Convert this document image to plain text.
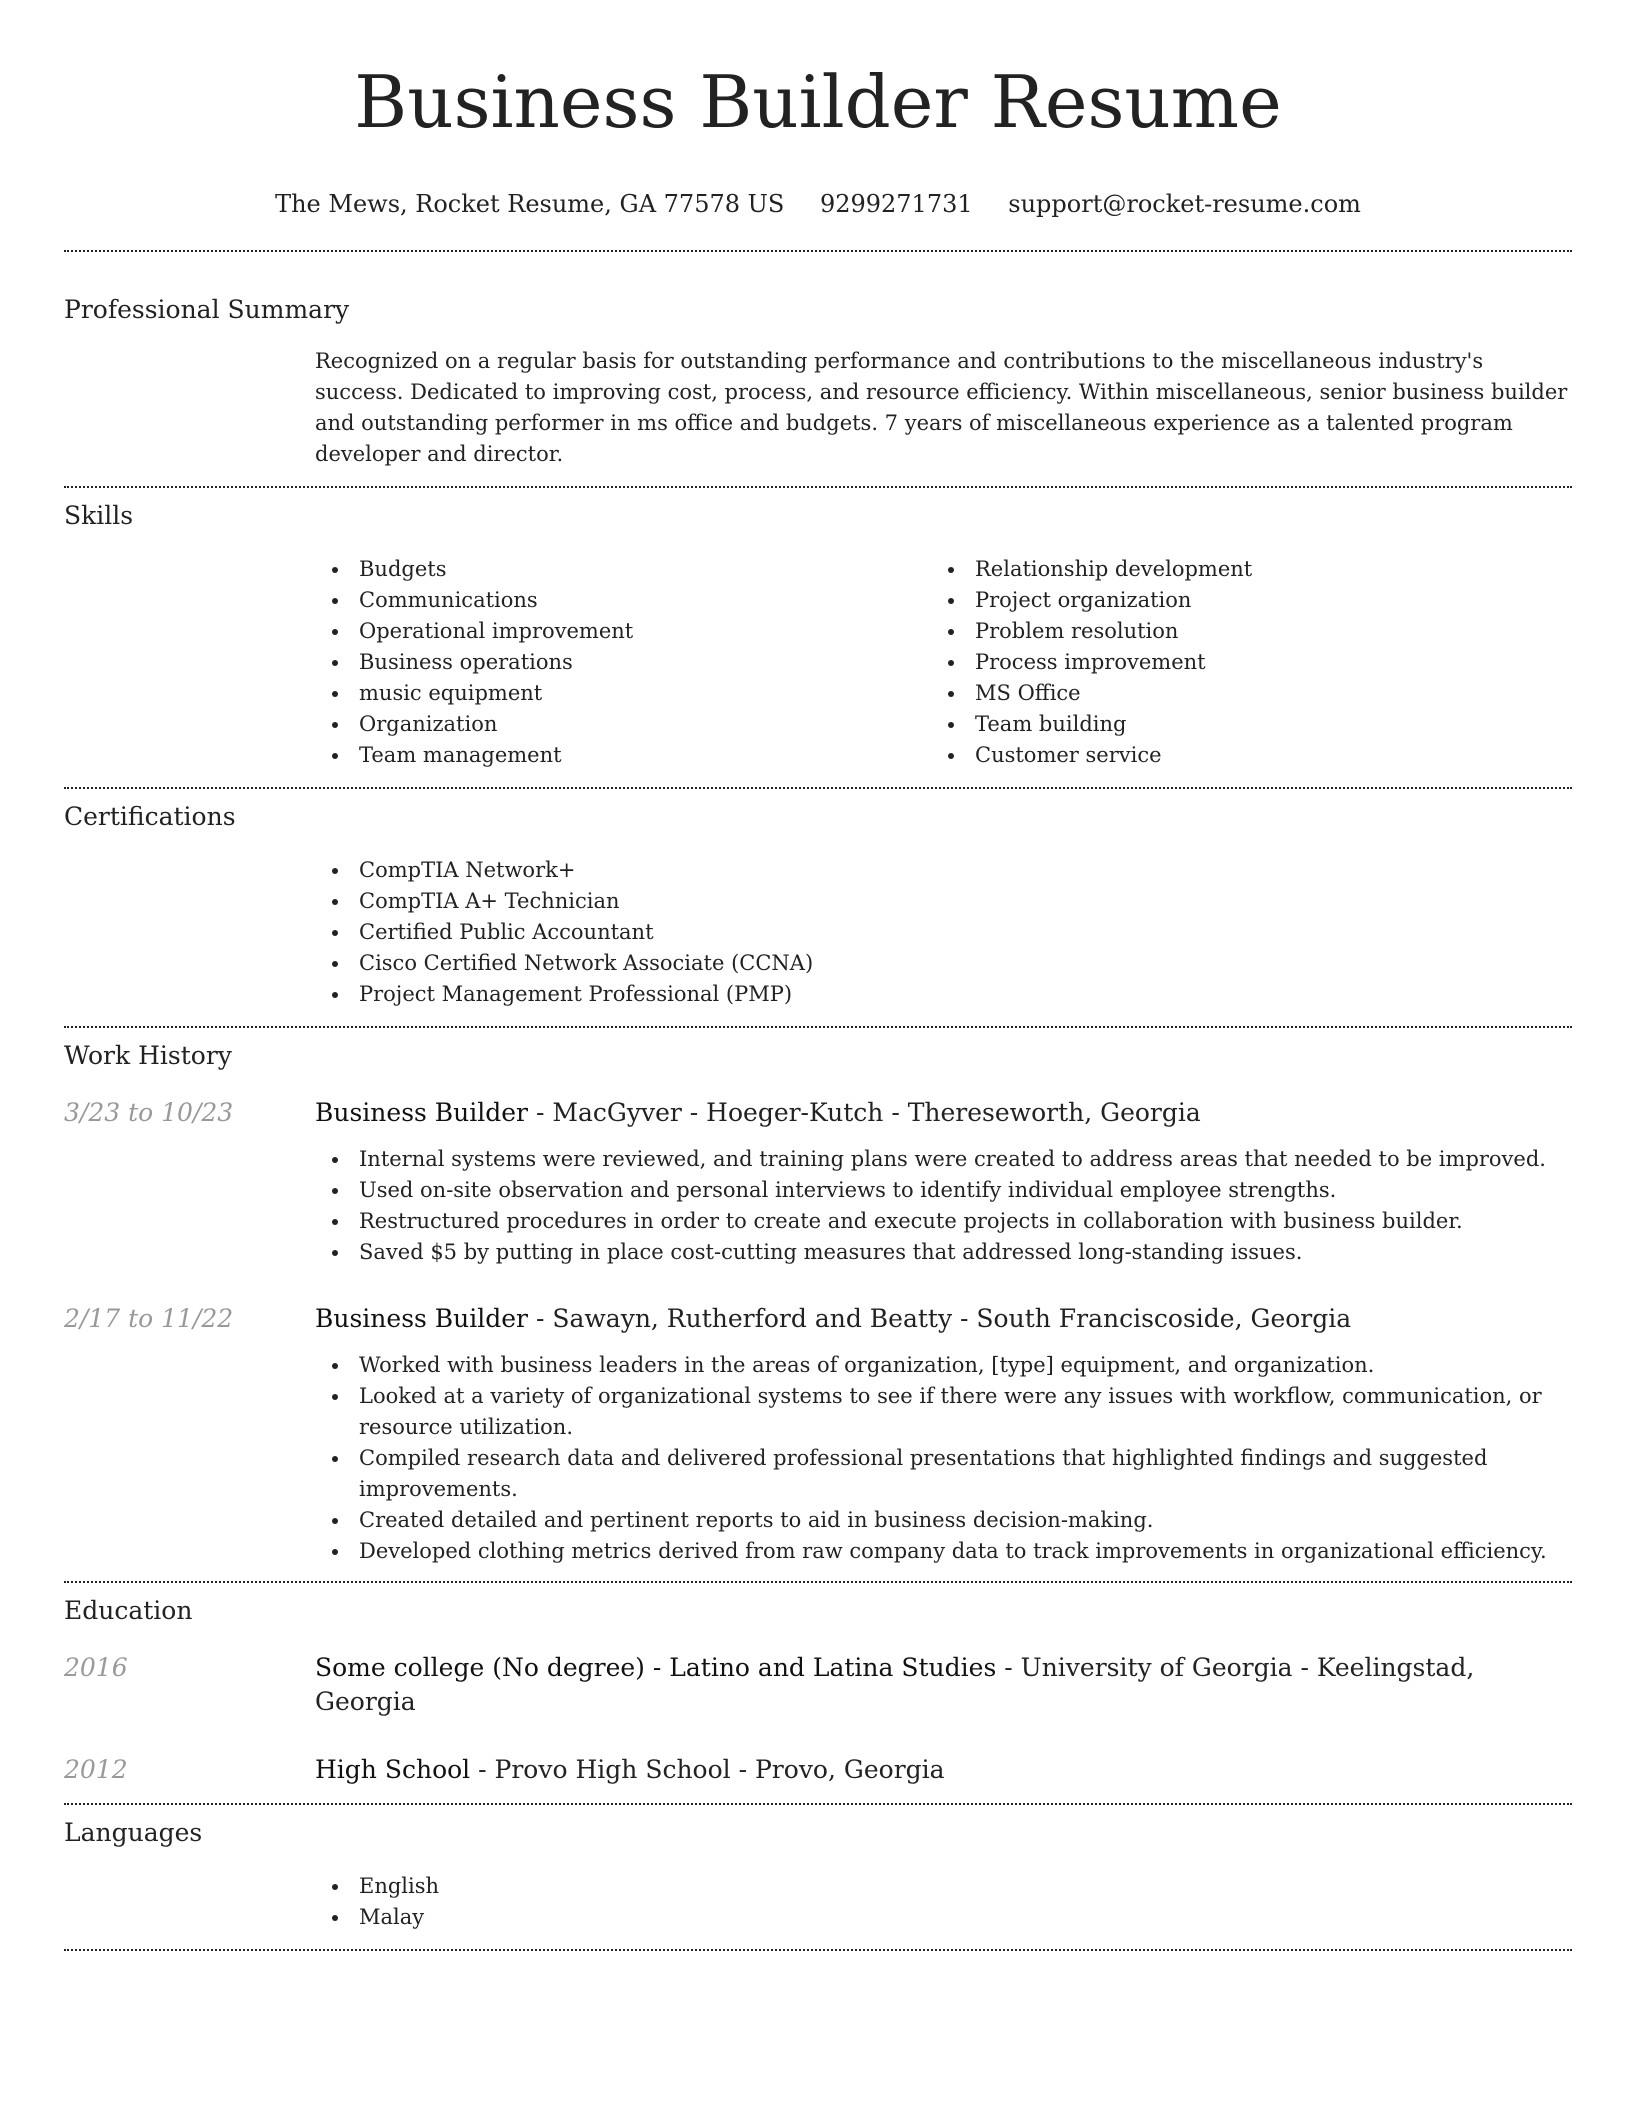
Business Builder Resume
The Mews, Rocket Resume, GA 77578 US 9299271731 support@rocket-resume.com
Professional Summary

Recognized on a regular basis for outstanding performance and contributions to the miscellaneous industry's success. Dedicated to improving cost, process, and resource efficiency. Within miscellaneous, senior business builder and outstanding performer in ms office and budgets. 7 years of miscellaneous experience as a talented program developer and director.

Skills
Budgets
Communications
Operational improvement
Business operations
music equipment
Organization
Team management
Relationship development
Project organization
Problem resolution
Process improvement
MS Office
Team building
Customer service
Certifications
CompTIA Network+
CompTIA A+ Technician
Certified Public Accountant
Cisco Certified Network Associate (CCNA)
Project Management Professional (PMP)
Work History
3/23 to 10/23	Business Builder - MacGyver - Hoeger-Kutch - Thereseworth, Georgia
Internal systems were reviewed, and training plans were created to address areas that needed to be improved.
Used on-site observation and personal interviews to identify individual employee strengths.
Restructured procedures in order to create and execute projects in collaboration with business builder.
Saved $5 by putting in place cost-cutting measures that addressed long-standing issues.
2/17 to 11/22	Business Builder - Sawayn, Rutherford and Beatty - South Franciscoside, Georgia
Worked with business leaders in the areas of organization, [type] equipment, and organization.
Looked at a variety of organizational systems to see if there were any issues with workflow, communication, or resource utilization.
Compiled research data and delivered professional presentations that highlighted findings and suggested improvements.
Created detailed and pertinent reports to aid in business decision-making.
Developed clothing metrics derived from raw company data to track improvements in organizational efficiency.
Education
2016	Some college (No degree) - Latino and Latina Studies - University of Georgia - Keelingstad, Georgia
2012	High School - Provo High School - Provo, Georgia
Languages
English
Malay
